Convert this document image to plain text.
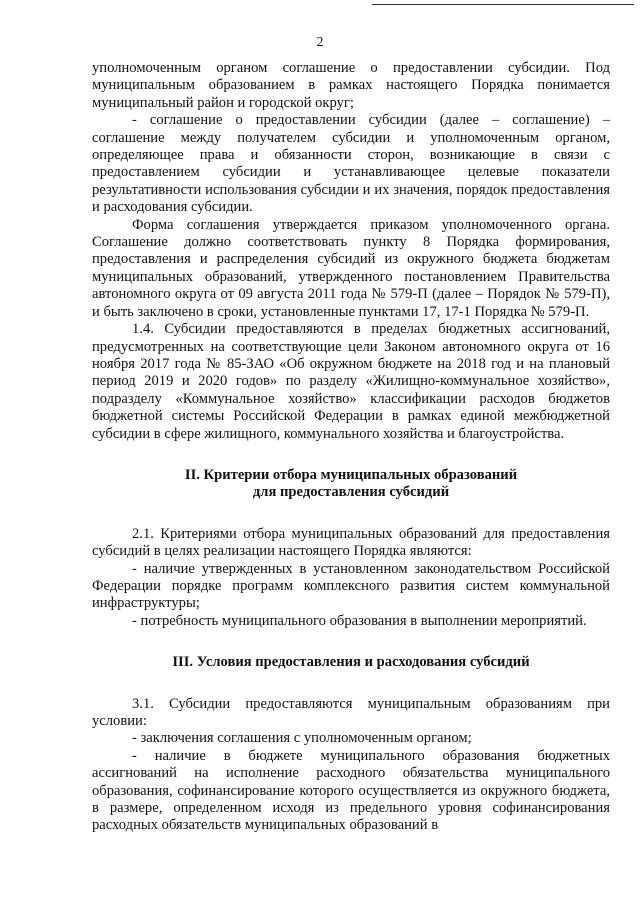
2

уполномоченным органом соглашение о предоставлении субсидии. Под муниципальным образованием в рамках настоящего Порядка понимается муниципальный район и городской округ;

- соглашение о предоставлении субсидии (далее – соглашение) – соглашение между получателем субсидии и уполномоченным органом, определяющее права и обязанности сторон, возникающие в связи с предоставлением субсидии и устанавливающее целевые показатели результативности использования субсидии и их значения, порядок предоставления и расходования субсидии.

Форма соглашения утверждается приказом уполномоченного органа. Соглашение должно соответствовать пункту 8 Порядка формирования, предоставления и распределения субсидий из окружного бюджета бюджетам муниципальных образований, утвержденного постановлением Правительства автономного округа от 09 августа 2011 года № 579-П (далее – Порядок № 579-П), и быть заключено в сроки, установленные пунктами 17, 17-1 Порядка № 579-П.

1.4. Субсидии предоставляются в пределах бюджетных ассигнований, предусмотренных на соответствующие цели Законом автономного округа от 16 ноября 2017 года № 85-ЗАО «Об окружном бюджете на 2018 год и на плановый период 2019 и 2020 годов» по разделу «Жилищно-коммунальное хозяйство», подразделу «Коммунальное хозяйство» классификации расходов бюджетов бюджетной системы Российской Федерации в рамках единой межбюджетной субсидии в сфере жилищного, коммунального хозяйства и благоустройства.

II. Критерии отбора муниципальных образований
для предоставления субсидий

2.1. Критериями отбора муниципальных образований для предоставления субсидий в целях реализации настоящего Порядка являются:

- наличие утвержденных в установленном законодательством Российской Федерации порядке программ комплексного развития систем коммунальной инфраструктуры;

- потребность муниципального образования в выполнении мероприятий.

III. Условия предоставления и расходования субсидий

3.1. Субсидии предоставляются муниципальным образованиям при условии:

- заключения соглашения с уполномоченным органом;

- наличие в бюджете муниципального образования бюджетных ассигнований на исполнение расходного обязательства муниципального образования, софинансирование которого осуществляется из окружного бюджета, в размере, определенном исходя из предельного уровня софинансирования расходных обязательств муниципальных образований в
